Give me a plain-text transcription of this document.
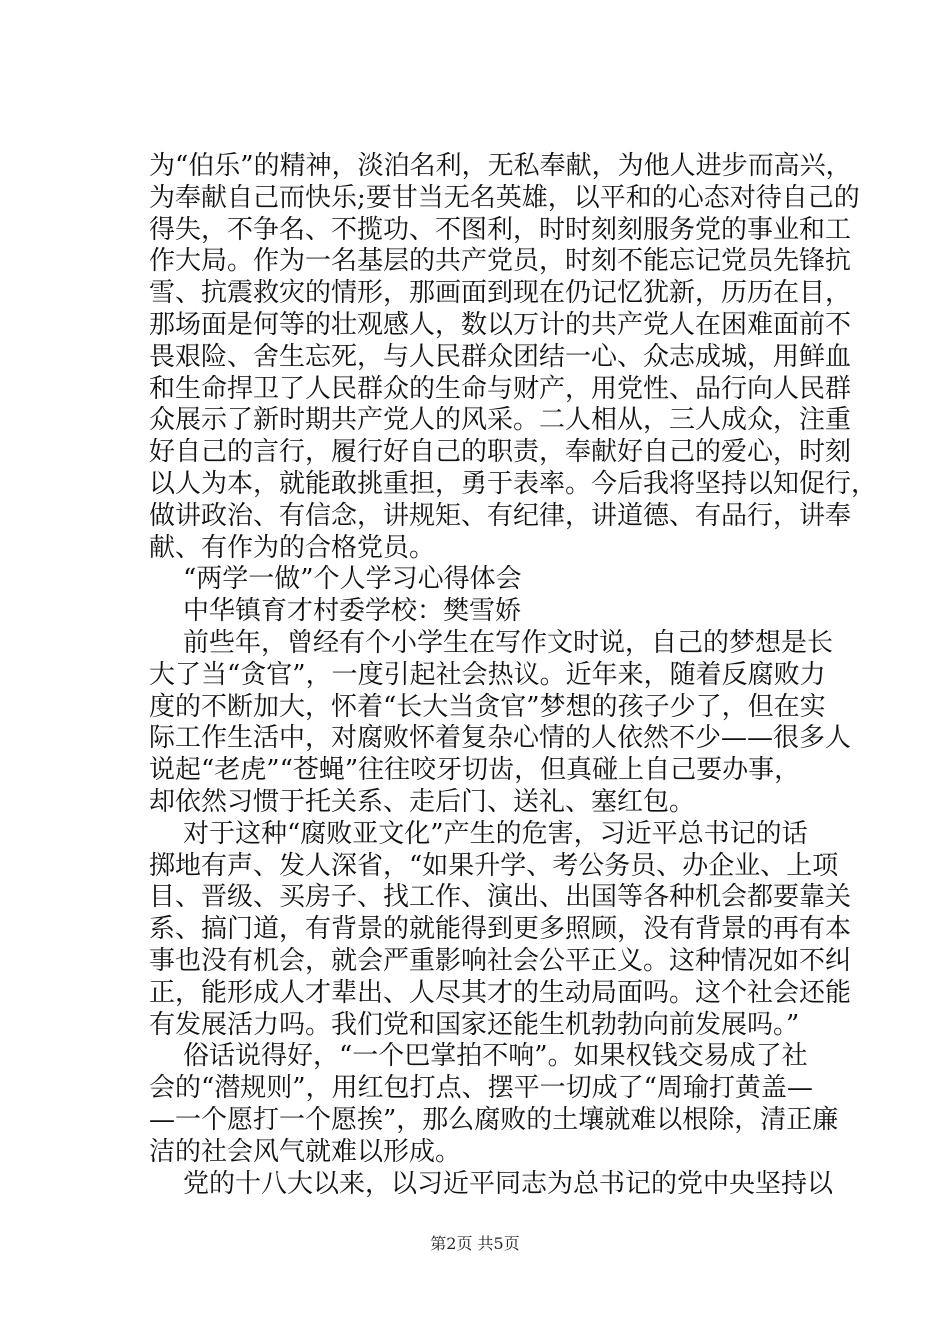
为“伯乐”的精神，淡泊名利，无私奉献，为他人进步而高兴，
为奉献自己而快乐;要甘当无名英雄，以平和的心态对待自己的
得失，不争名、不揽功、不图利，时时刻刻服务党的事业和工
作大局。作为一名基层的共产党员，时刻不能忘记党员先锋抗
雪、抗震救灾的情形，那画面到现在仍记忆犹新，历历在目，
那场面是何等的壮观感人，数以万计的共产党人在困难面前不
畏艰险、舍生忘死，与人民群众团结一心、众志成城，用鲜血
和生命捍卫了人民群众的生命与财产，用党性、品行向人民群
众展示了新时期共产党人的风采。二人相从，三人成众，注重
好自己的言行，履行好自己的职责，奉献好自己的爱心，时刻
以人为本，就能敢挑重担，勇于表率。今后我将坚持以知促行，
做讲政治、有信念，讲规矩、有纪律，讲道德、有品行，讲奉
献、有作为的合格党员。
“两学一做”个人学习心得体会
中华镇育才村委学校：樊雪娇
前些年，曾经有个小学生在写作文时说，自己的梦想是长
大了当“贪官”，一度引起社会热议。近年来，随着反腐败力
度的不断加大，怀着“长大当贪官”梦想的孩子少了，但在实
际工作生活中，对腐败怀着复杂心情的人依然不少——很多人
说起“老虎”“苍蝇”往往咬牙切齿，但真碰上自己要办事，
却依然习惯于托关系、走后门、送礼、塞红包。
对于这种“腐败亚文化”产生的危害，习近平总书记的话
掷地有声、发人深省，“如果升学、考公务员、办企业、上项
目、晋级、买房子、找工作、演出、出国等各种机会都要靠关
系、搞门道，有背景的就能得到更多照顾，没有背景的再有本
事也没有机会，就会严重影响社会公平正义。这种情况如不纠
正，能形成人才辈出、人尽其才的生动局面吗。这个社会还能
有发展活力吗。我们党和国家还能生机勃勃向前发展吗。”
俗话说得好，“一个巴掌拍不响”。如果权钱交易成了社
会的“潜规则”，用红包打点、摆平一切成了“周瑜打黄盖—
—一个愿打一个愿挨”，那么腐败的土壤就难以根除，清正廉
洁的社会风气就难以形成。
党的十八大以来，以习近平同志为总书记的党中央坚持以
第2页 共5页
